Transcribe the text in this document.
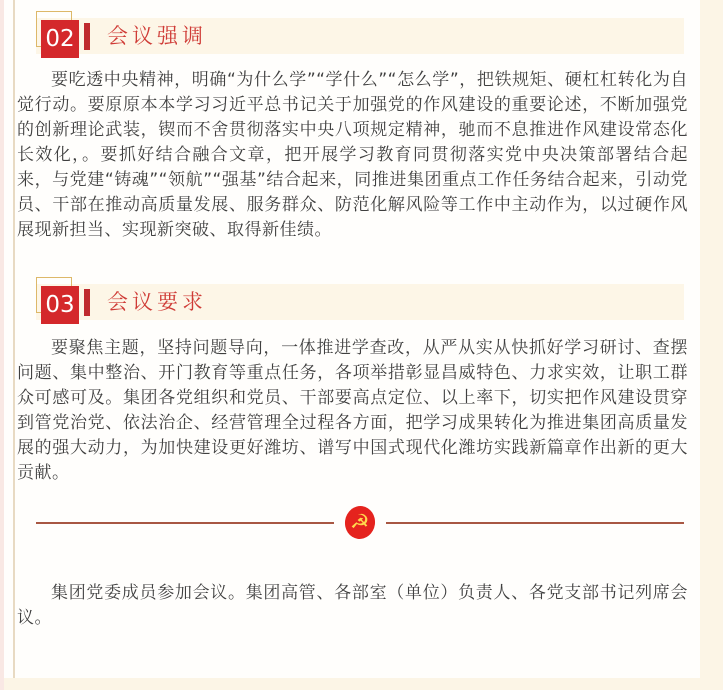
02 会议强调

要吃透中央精神，明确“为什么学”“学什么”“怎么学”，把铁规矩、硬杠杠转化为自觉行动。要原原本本学习习近平总书记关于加强党的作风建设的重要论述，不断加强党的创新理论武装，锲而不舍贯彻落实中央八项规定精神，驰而不息推进作风建设常态化长效化，。要抓好结合融合文章，把开展学习教育同贯彻落实党中央决策部署结合起来，与党建“铸魂”“领航”“强基”结合起来，同推进集团重点工作任务结合起来，引动党员、干部在推动高质量发展、服务群众、防范化解风险等工作中主动作为，以过硬作风展现新担当、实现新突破、取得新佳绩。

03 会议要求

要聚焦主题，坚持问题导向，一体推进学查改，从严从实从快抓好学习研讨、查摆问题、集中整治、开门教育等重点任务，各项举措彰显昌威特色、力求实效，让职工群众可感可及。集团各党组织和党员、干部要高点定位、以上率下，切实把作风建设贯穿到管党治党、依法治企、经营管理全过程各方面，把学习成果转化为推进集团高质量发展的强大动力，为加快建设更好潍坊、谱写中国式现代化潍坊实践新篇章作出新的更大贡献。

☭

集团党委成员参加会议。集团高管、各部室（单位）负责人、各党支部书记列席会议。
